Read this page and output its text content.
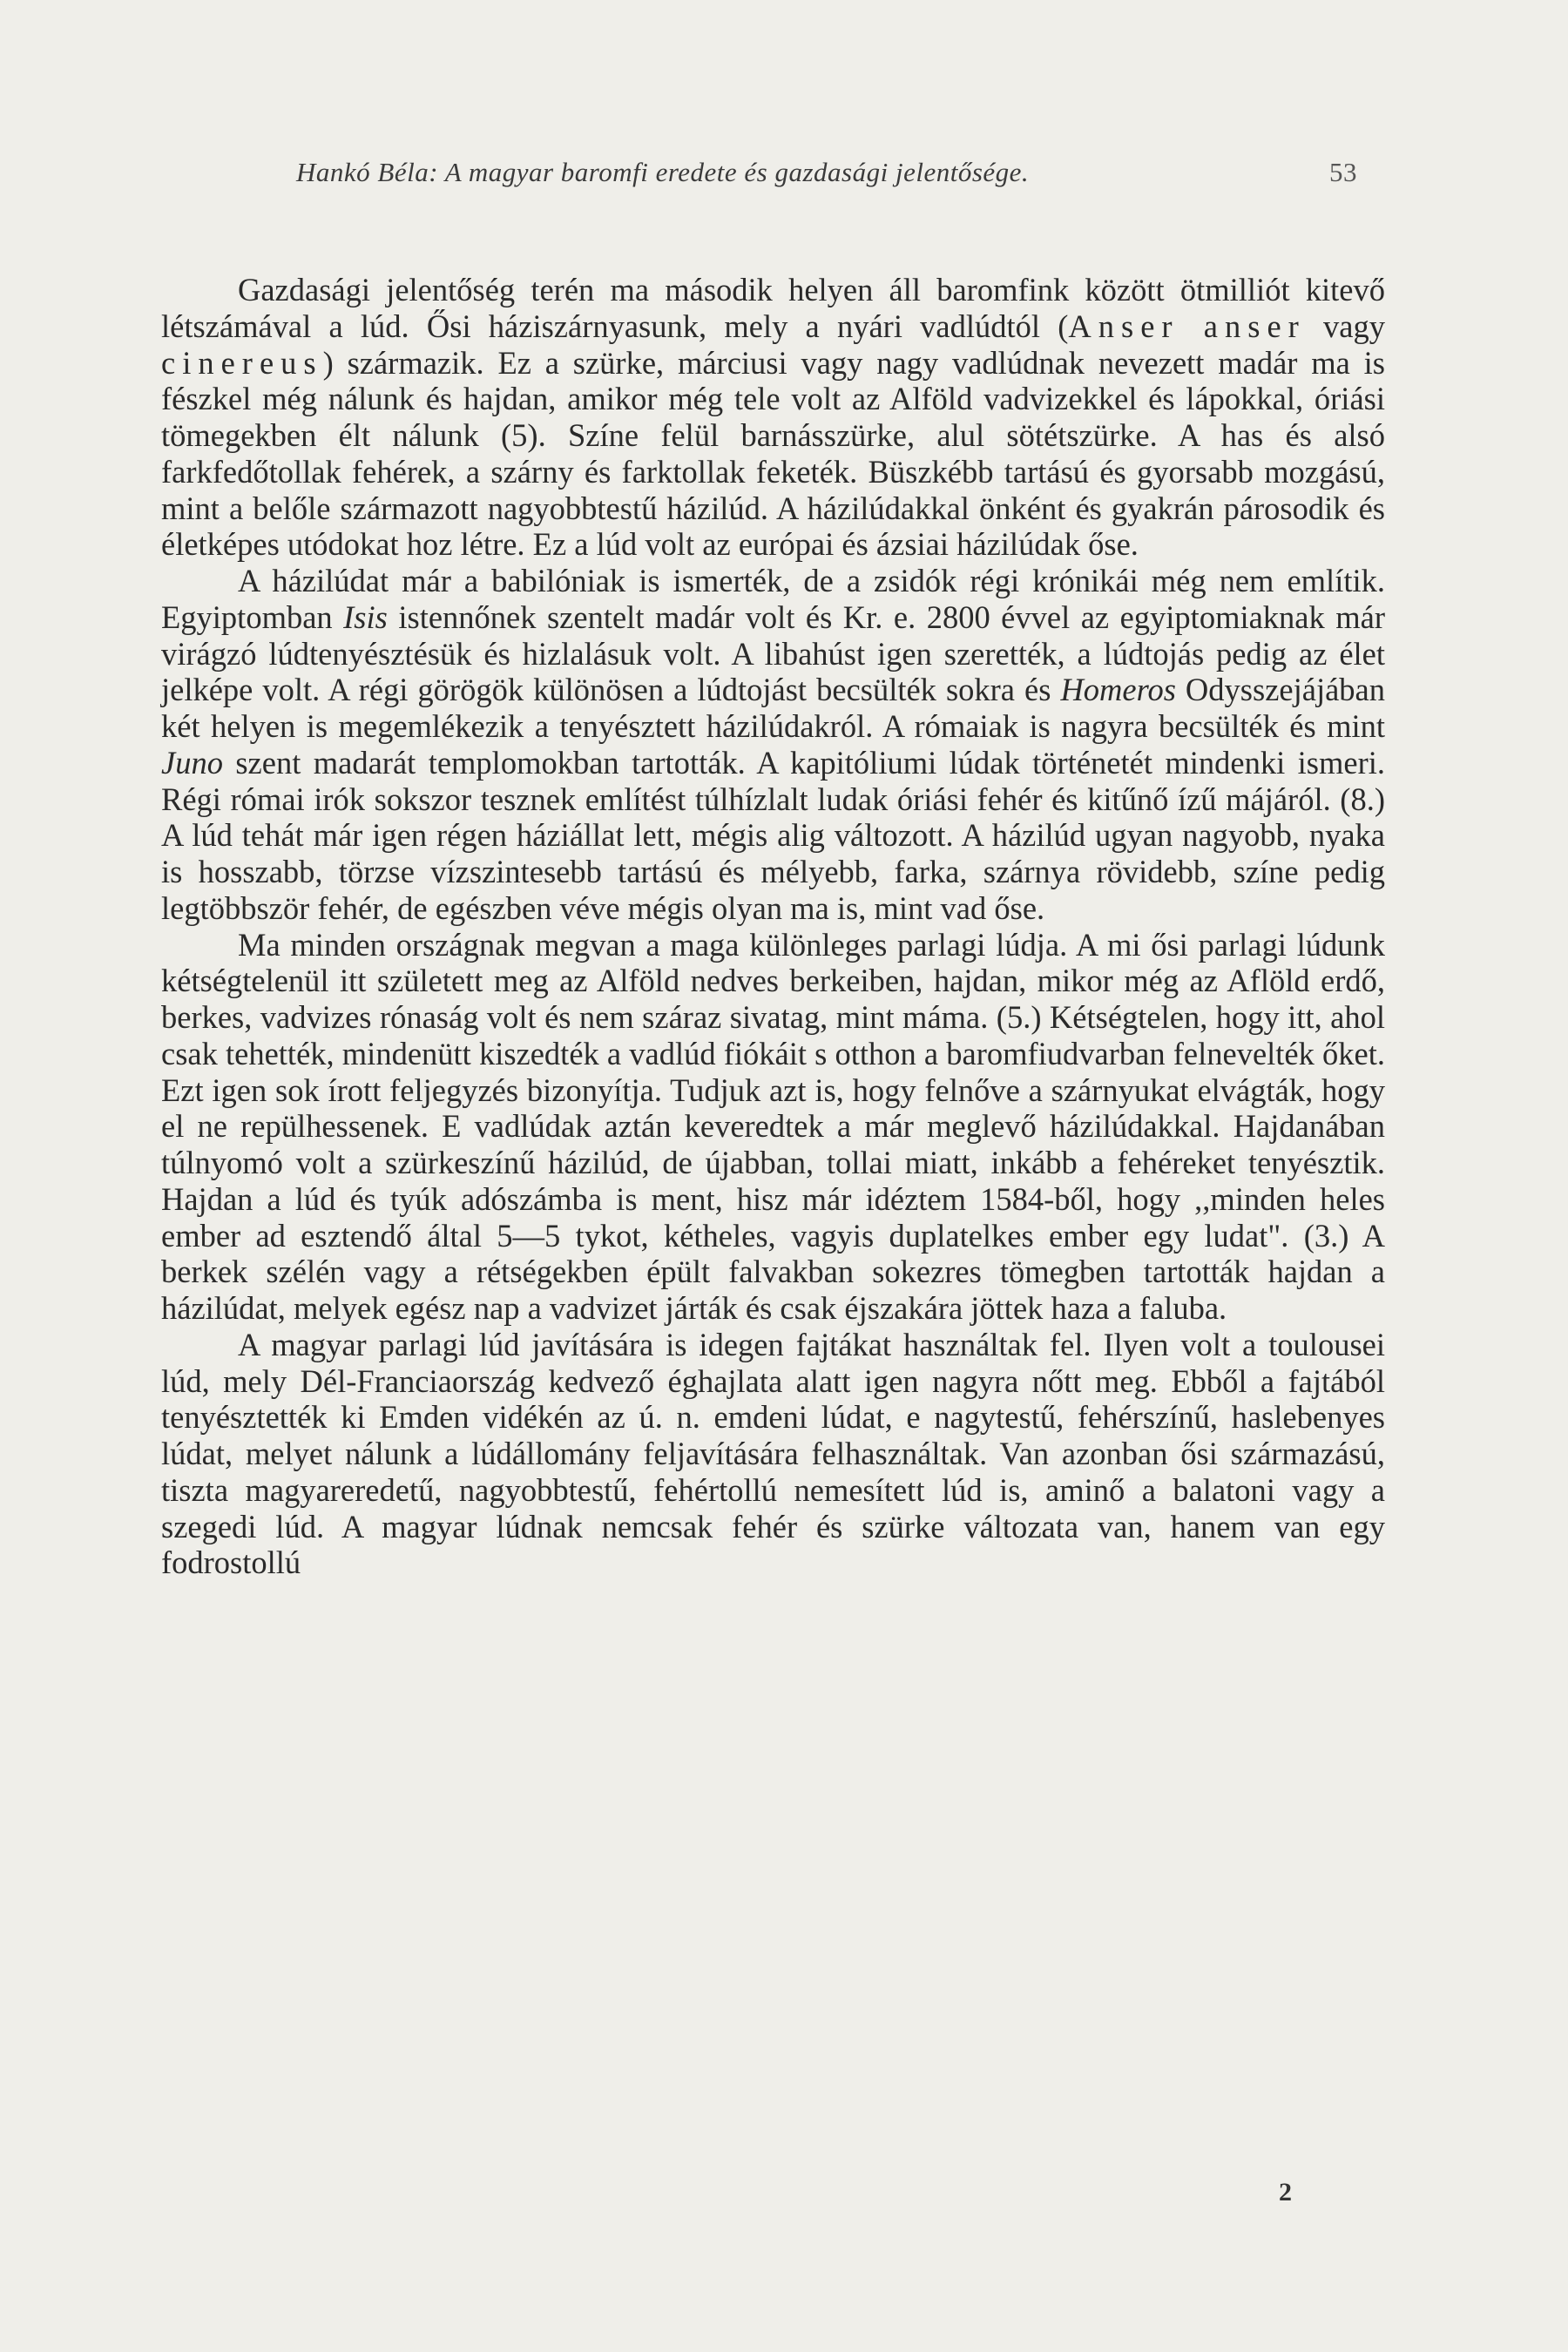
Hankó Béla: A magyar baromfi eredete és gazdasági jelentősége.	53

Gazdasági jelentőség terén ma második helyen áll baromfink között ötmilliót kitevő létszámával a lúd. Ősi háziszárnyasunk, mely a nyári vadlúdtól (Anser anser vagy cinereus) származik. Ez a szürke, márciusi vagy nagy vadlúdnak nevezett madár ma is fészkel még nálunk és hajdan, amikor még tele volt az Alföld vadvizekkel és lápokkal, óriási tömegekben élt nálunk (5). Színe felül barnásszürke, alul sötétszürke. A has és alsó farkfedőtollak fehérek, a szárny és farktollak feketék. Büszkébb tartású és gyorsabb mozgású, mint a belőle származott nagyobbtestű házilúd. A házilúdakkal önként és gyakrán párosodik és életképes utódokat hoz létre. Ez a lúd volt az európai és ázsiai házilúdak őse.

A házilúdat már a babilóniak is ismerték, de a zsidók régi krónikái még nem említik. Egyiptomban Isis istennőnek szentelt madár volt és Kr. e. 2800 évvel az egyiptomiaknak már virágzó lúdtenyésztésük és hizlalásuk volt. A libahúst igen szerették, a lúdtojás pedig az élet jelképe volt. A régi görögök különösen a lúdtojást becsülték sokra és Homeros Odysszejájában két helyen is megemlékezik a tenyésztett házilúdakról. A rómaiak is nagyra becsülték és mint Juno szent madarát templomokban tartották. A kapitóliumi lúdak történetét mindenki ismeri. Régi római irók sokszor tesznek említést túlhízlalt ludak óriási fehér és kitűnő ízű májáról. (8.) A lúd tehát már igen régen háziállat lett, mégis alig változott. A házilúd ugyan nagyobb, nyaka is hosszabb, törzse vízszintesebb tartású és mélyebb, farka, szárnya rövidebb, színe pedig legtöbbször fehér, de egészben véve mégis olyan ma is, mint vad őse.

Ma minden országnak megvan a maga különleges parlagi lúdja. A mi ősi parlagi lúdunk kétségtelenül itt született meg az Alföld nedves berkeiben, hajdan, mikor még az Aflöld erdő, berkes, vadvizes rónaság volt és nem száraz sivatag, mint máma. (5.) Kétségtelen, hogy itt, ahol csak tehették, mindenütt kiszedték a vadlúd fiókáit s otthon a baromfiudvarban felnevelték őket. Ezt igen sok írott feljegyzés bizonyítja. Tudjuk azt is, hogy felnőve a szárnyukat elvágták, hogy el ne repülhessenek. E vadlúdak aztán keveredtek a már meglevő házilúdakkal. Hajdanában túlnyomó volt a szürkeszínű házilúd, de újabban, tollai miatt, inkább a fehéreket tenyésztik. Hajdan a lúd és tyúk adószámba is ment, hisz már idéztem 1584-ből, hogy ,,minden heles ember ad esztendő által 5—5 tykot, kétheles, vagyis duplatelkes ember egy ludat". (3.) A berkek szélén vagy a rétségekben épült falvakban sokezres tömegben tartották hajdan a házilúdat, melyek egész nap a vadvizet járták és csak éjszakára jöttek haza a faluba.

A magyar parlagi lúd javítására is idegen fajtákat használtak fel. Ilyen volt a toulousei lúd, mely Dél-Franciaország kedvező éghajlata alatt igen nagyra nőtt meg. Ebből a fajtából tenyésztették ki Emden vidékén az ú. n. emdeni lúdat, e nagytestű, fehérszínű, haslebenyes lúdat, melyet nálunk a lúdállomány feljavítására felhasználtak. Van azonban ősi származású, tiszta magyareredetű, nagyobbtestű, fehértollú nemesített lúd is, aminő a balatoni vagy a szegedi lúd. A magyar lúdnak nemcsak fehér és szürke változata van, hanem van egy fodrostollú

2
